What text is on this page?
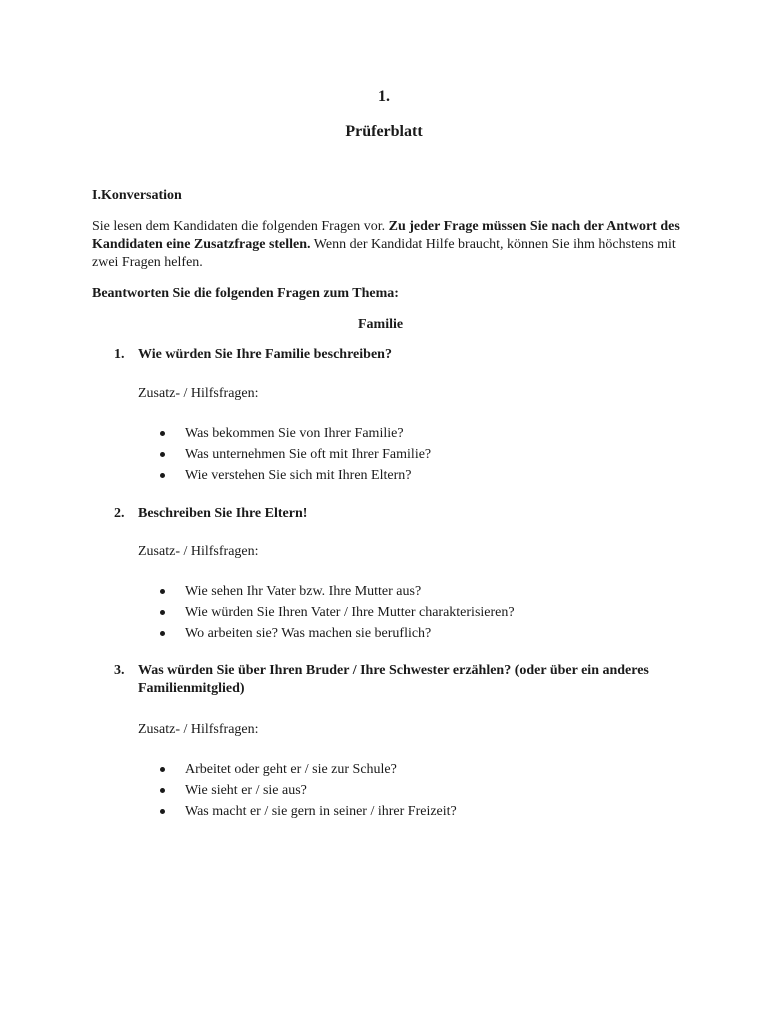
1.
Prüferblatt
I.Konversation
Sie lesen dem Kandidaten die folgenden Fragen vor. Zu jeder Frage müssen Sie nach der Antwort des Kandidaten eine Zusatzfrage stellen. Wenn der Kandidat Hilfe braucht, können Sie ihm höchstens mit zwei Fragen helfen.
Beantworten Sie die folgenden Fragen zum Thema:
Familie
1. Wie würden Sie Ihre Familie beschreiben?
Zusatz- / Hilfsfragen:
Was bekommen Sie von Ihrer Familie?
Was unternehmen Sie oft mit Ihrer Familie?
Wie verstehen Sie sich mit Ihren Eltern?
2. Beschreiben Sie Ihre Eltern!
Zusatz- / Hilfsfragen:
Wie sehen Ihr Vater bzw. Ihre Mutter aus?
Wie würden Sie Ihren Vater / Ihre Mutter charakterisieren?
Wo arbeiten sie? Was machen sie beruflich?
3. Was würden Sie über Ihren Bruder / Ihre Schwester erzählen? (oder über ein anderes Familienmitglied)
Zusatz- / Hilfsfragen:
Arbeitet oder geht er / sie zur Schule?
Wie sieht er / sie aus?
Was macht er / sie gern in seiner / ihrer Freizeit?
